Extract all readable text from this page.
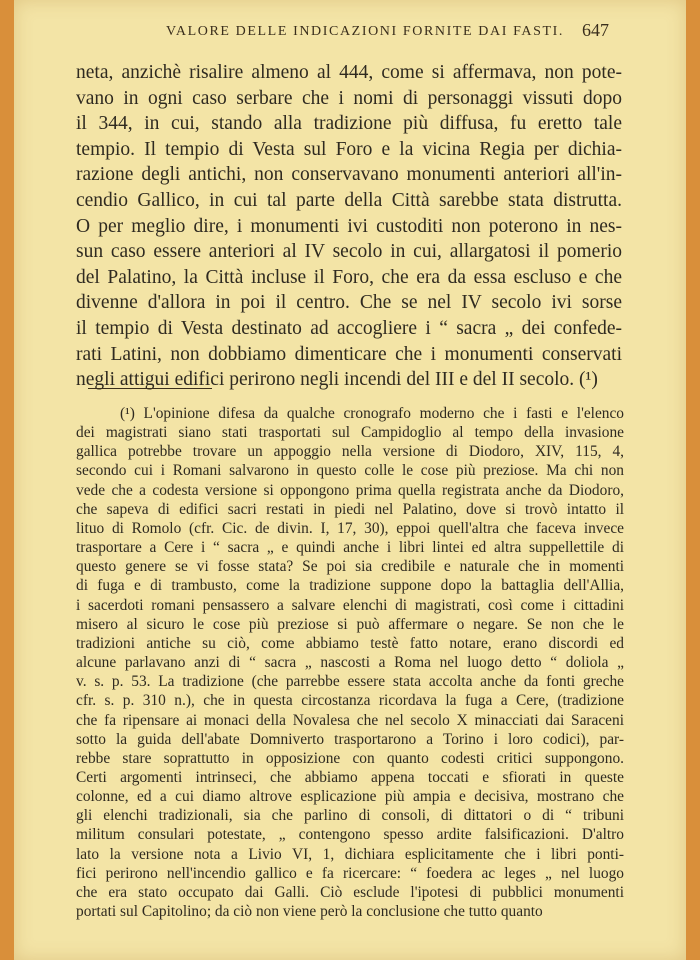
VALORE DELLE INDICAZIONI FORNITE DAI FASTI. 647
neta, anzichè risalire almeno al 444, come si affermava, non pote-
vano in ogni caso serbare che i nomi di personaggi vissuti dopo
il 344, in cui, stando alla tradizione più diffusa, fu eretto tale
tempio. Il tempio di Vesta sul Foro e la vicina Regia per dichia-
razione degli antichi, non conservavano monumenti anteriori all'in-
cendio Gallico, in cui tal parte della Città sarebbe stata distrutta.
O per meglio dire, i monumenti ivi custoditi non poterono in nes-
sun caso essere anteriori al IV secolo in cui, allargatosi il pomerio
del Palatino, la Città incluse il Foro, che era da essa escluso e che
divenne d'allora in poi il centro. Che se nel IV secolo ivi sorse
il tempio di Vesta destinato ad accogliere i “ sacra „ dei confede-
rati Latini, non dobbiamo dimenticare che i monumenti conservati
negli attigui edifici perirono negli incendi del III e del II secolo. (¹)
(¹) L'opinione difesa da qualche cronografo moderno che i fasti e l'elenco
dei magistrati siano stati trasportati sul Campidoglio al tempo della invasione
gallica potrebbe trovare un appoggio nella versione di Diodoro, XIV, 115, 4,
secondo cui i Romani salvarono in questo colle le cose più preziose. Ma chi non
vede che a codesta versione si oppongono prima quella registrata anche da Diodoro,
che sapeva di edifici sacri restati in piedi nel Palatino, dove si trovò intatto il
lituo di Romolo (cfr. Cic. de divin. I, 17, 30), eppoi quell'altra che faceva invece
trasportare a Cere i “ sacra „ e quindi anche i libri lintei ed altra suppellettile di
questo genere se vi fosse stata? Se poi sia credibile e naturale che in momenti
di fuga e di trambusto, come la tradizione suppone dopo la battaglia dell'Allia,
i sacerdoti romani pensassero a salvare elenchi di magistrati, così come i cittadini
misero al sicuro le cose più preziose si può affermare o negare. Se non che le
tradizioni antiche su ciò, come abbiamo testè fatto notare, erano discordi ed
alcune parlavano anzi di “ sacra „ nascosti a Roma nel luogo detto “ doliola „
v. s. p. 53. La tradizione (che parrebbe essere stata accolta anche da fonti greche
cfr. s. p. 310 n.), che in questa circostanza ricordava la fuga a Cere, (tradizione
che fa ripensare ai monaci della Novalesa che nel secolo X minacciati dai Saraceni
sotto la guida dell'abate Domniverto trasportarono a Torino i loro codici), par-
rebbe stare soprattutto in opposizione con quanto codesti critici suppongono.
Certi argomenti intrinseci, che abbiamo appena toccati e sfiorati in queste
colonne, ed a cui diamo altrove esplicazione più ampia e decisiva, mostrano che
gli elenchi tradizionali, sia che parlino di consoli, di dittatori o di “ tribuni
militum consulari potestate, „ contengono spesso ardite falsificazioni. D'altro
lato la versione nota a Livio VI, 1, dichiara esplicitamente che i libri ponti-
fici perirono nell'incendio gallico e fa ricercare: “ foedera ac leges „ nel luogo
che era stato occupato dai Galli. Ciò esclude l'ipotesi di pubblici monumenti
portati sul Capitolino; da ciò non viene però la conclusione che tutto quanto
